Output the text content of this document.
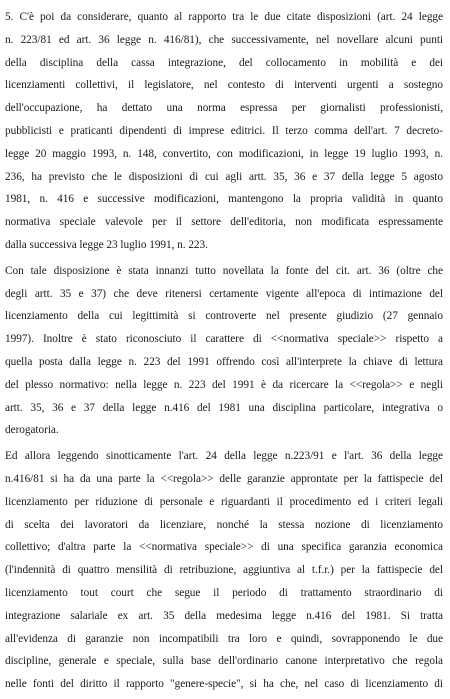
5. C'è poi da considerare, quanto al rapporto tra le due citate disposizioni (art. 24 legge
n. 223/81 ed art. 36 legge n. 416/81), che successivamente, nel novellare alcuni punti
della disciplina della cassa integrazione, del collocamento in mobilità e dei
licenziamenti collettivi, il legislatore, nel contesto di interventi urgenti a sostegno
dell'occupazione, ha dettato una norma espressa per giornalisti professionisti,
pubblicisti e praticanti dipendenti di imprese editrici. Il terzo comma dell'art. 7 decreto-
legge 20 maggio 1993, n. 148, convertito, con modificazioni, in legge 19 luglio 1993, n.
236, ha previsto che le disposizioni di cui agli artt. 35, 36 e 37 della legge 5 agosto
1981, n. 416 e successive modificazioni, mantengono la propria validità in quanto
normativa speciale valevole per il settore dell'editoria, non modificata espressamente
dalla successiva legge 23 luglio 1991, n. 223.
Con tale disposizione è stata innanzi tutto novellata la fonte del cit. art. 36 (oltre che
degli artt. 35 e 37) che deve ritenersi certamente vigente all'epoca di intimazione del
licenziamento della cui legittimità si controverte nel presente giudizio (27 gennaio
1997). Inoltre è stato riconosciuto il carattere di <<normativa speciale>> rispetto a
quella posta dalla legge n. 223 del 1991 offrendo così all'interprete la chiave di lettura
del plesso normativo: nella legge n. 223 del 1991 è da ricercare la <<regola>> e negli
artt. 35, 36 e 37 della legge n.416 del 1981 una disciplina particolare, integrativa o
derogatoria.
Ed allora leggendo sinotticamente l'art. 24 della legge n.223/91 e l'art. 36 della legge
n.416/81 si ha da una parte la <<regola>> delle garanzie approntate per la fattispecie del
licenziamento per riduzione di personale e riguardanti il procedimento ed i criteri legali
di scelta dei lavoratori da licenziare, nonché la stessa nozione di licenziamento
collettivo; d'altra parte la <<normativa speciale>> di una specifica garanzia economica
(l'indennità di quattro mensilità di retribuzione, aggiuntiva al t.f.r.) per la fattispecie del
licenziamento tout court che segue il periodo di trattamento straordinario di
integrazione salariale ex art. 35 della medesima legge n.416 del 1981. Si tratta
all'evidenza di garanzie non incompatibili tra loro e quindi, sovrapponendo le due
discipline, generale e speciale, sulla base dell'ordinario canone interpretativo che regola
nelle fonti del diritto il rapporto "genere-specie", si ha che, nel caso di licenziamento di
